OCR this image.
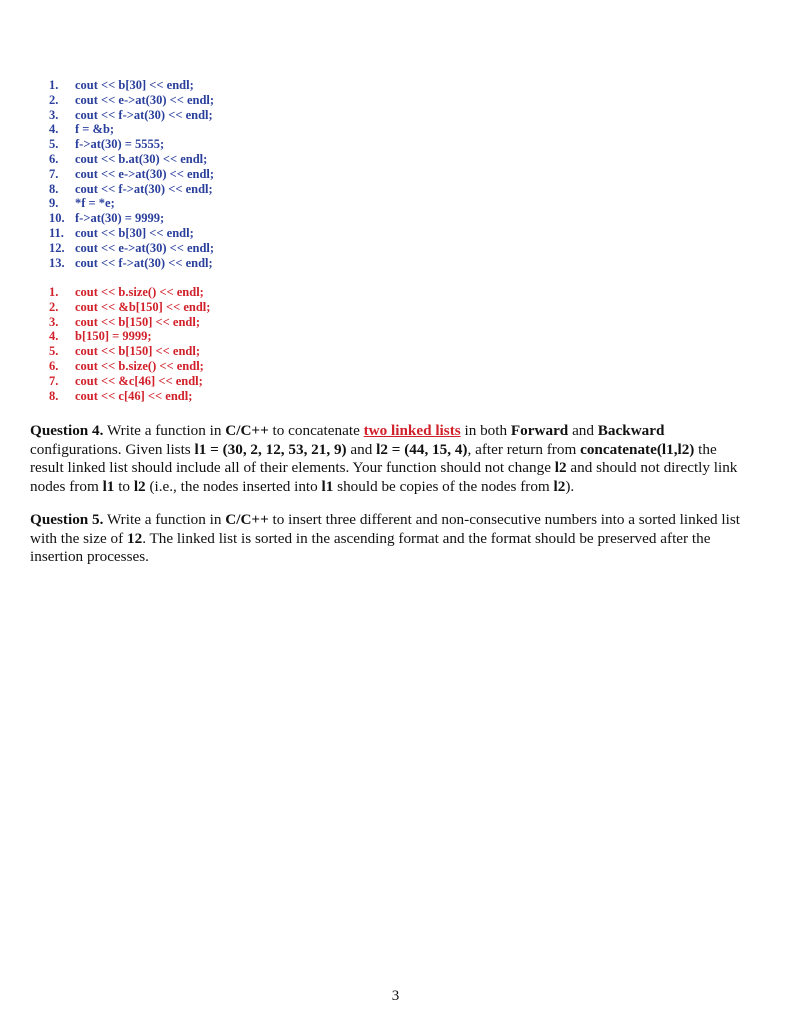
1. cout << b[30] << endl;
2. cout << e->at(30) << endl;
3. cout << f->at(30) << endl;
4. f = &b;
5. f->at(30) = 5555;
6. cout << b.at(30) << endl;
7. cout << e->at(30) << endl;
8. cout << f->at(30) << endl;
9. *f = *e;
10. f->at(30) = 9999;
11. cout << b[30] << endl;
12. cout << e->at(30) << endl;
13. cout << f->at(30) << endl;
1. cout << b.size() << endl;
2. cout << &b[150] << endl;
3. cout << b[150] << endl;
4. b[150] = 9999;
5. cout << b[150] << endl;
6. cout << b.size() << endl;
7. cout << &c[46] << endl;
8. cout << c[46] << endl;

Question 4. Write a function in C/C++ to concatenate two linked lists in both Forward and Backward configurations. Given lists l1 = (30, 2, 12, 53, 21, 9) and l2 = (44, 15, 4), after return from concatenate(l1,l2) the result linked list should include all of their elements. Your function should not change l2 and should not directly link nodes from l1 to l2 (i.e., the nodes inserted into l1 should be copies of the nodes from l2).

Question 5. Write a function in C/C++ to insert three different and non-consecutive numbers into a sorted linked list with the size of 12. The linked list is sorted in the ascending format and the format should be preserved after the insertion processes.

3
